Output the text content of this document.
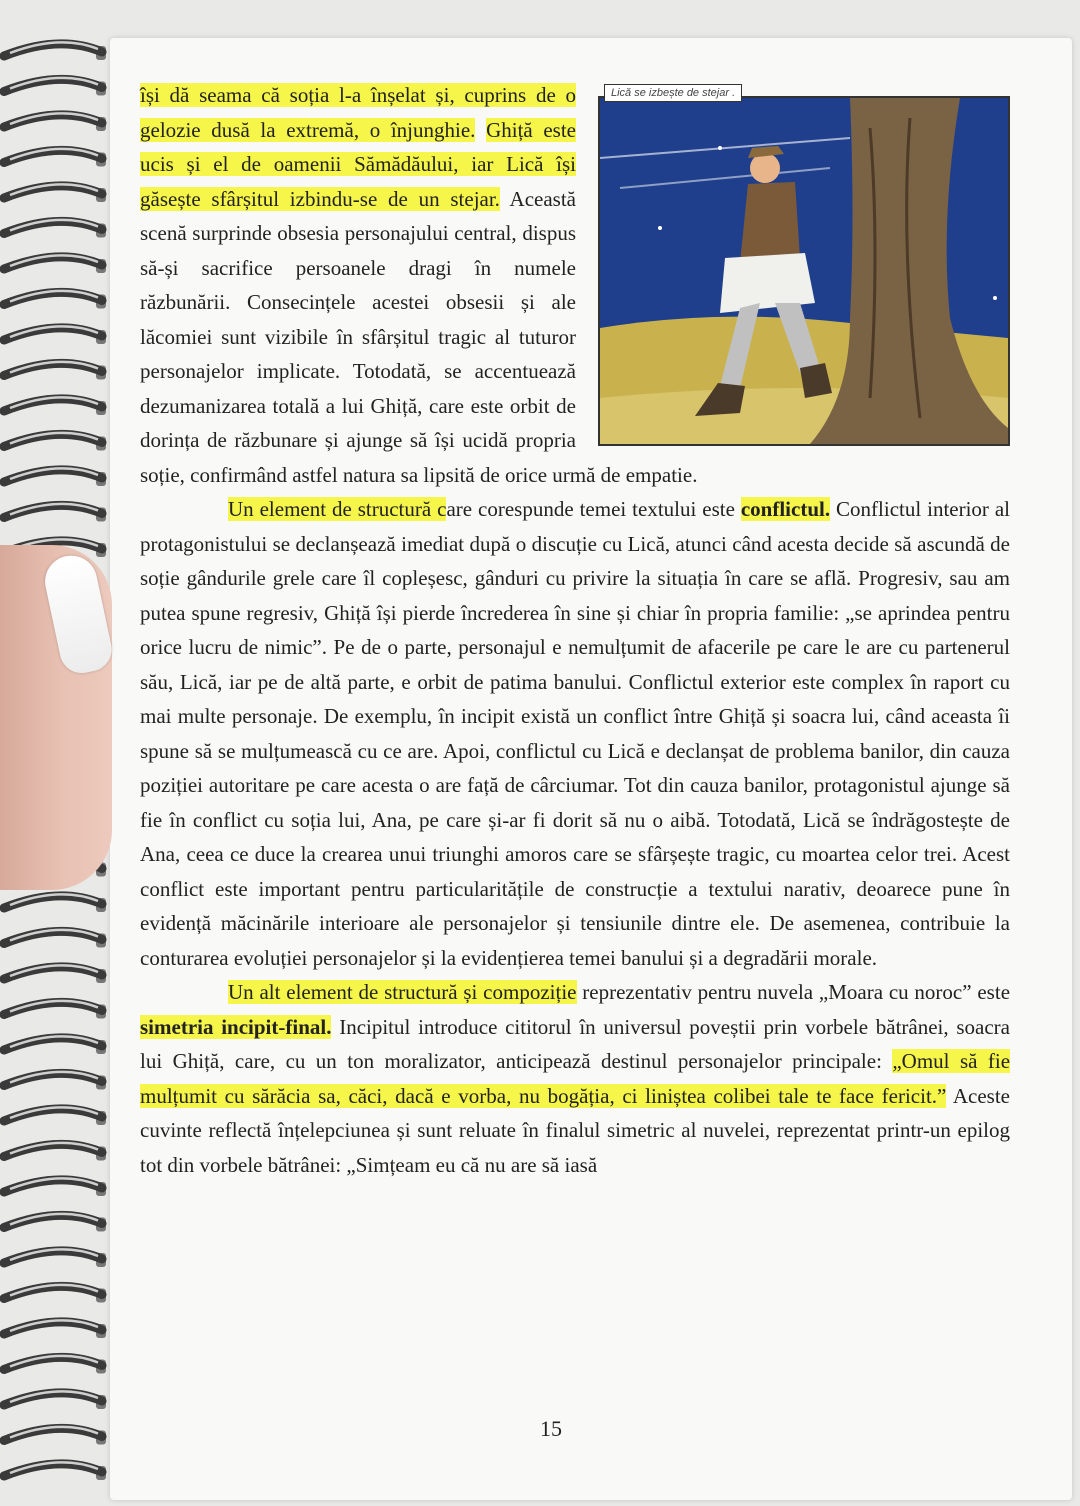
Lică se izbește de stejar .

își dă seama că soția l-a înșelat și, cuprins de o gelozie dusă la extremă, o înjunghie. Ghiță este ucis și el de oamenii Sămădăului, iar Lică își găsește sfârșitul izbindu-se de un stejar. Această scenă surprinde obsesia personajului central, dispus să-și sacrifice persoanele dragi în numele răzbunării. Consecințele acestei obsesii și ale lăcomiei sunt vizibile în sfârșitul tragic al tuturor personajelor implicate. Totodată, se accentuează dezumanizarea totală a lui Ghiță, care este orbit de dorința de răzbunare și ajunge să își ucidă propria soție, confirmând astfel natura sa lipsită de orice urmă de empatie.

Un element de structură care corespunde temei textului este conflictul. Conflictul interior al protagonistului se declanșează imediat după o discuție cu Lică, atunci când acesta decide să ascundă de soție gândurile grele care îl copleșesc, gânduri cu privire la situația în care se află. Progresiv, sau am putea spune regresiv, Ghiță își pierde încrederea în sine și chiar în propria familie: „se aprindea pentru orice lucru de nimic”. Pe de o parte, personajul e nemulțumit de afacerile pe care le are cu partenerul său, Lică, iar pe de altă parte, e orbit de patima banului. Conflictul exterior este complex în raport cu mai multe personaje. De exemplu, în incipit există un conflict între Ghiță și soacra lui, când aceasta îi spune să se mulțumească cu ce are. Apoi, conflictul cu Lică e declanșat de problema banilor, din cauza poziției autoritare pe care acesta o are față de cârciumar. Tot din cauza banilor, protagonistul ajunge să fie în conflict cu soția lui, Ana, pe care și-ar fi dorit să nu o aibă. Totodată, Lică se îndrăgostește de Ana, ceea ce duce la crearea unui triunghi amoros care se sfârșește tragic, cu moartea celor trei. Acest conflict este important pentru particularitățile de construcție a textului narativ, deoarece pune în evidență măcinările interioare ale personajelor și tensiunile dintre ele. De asemenea, contribuie la conturarea evoluției personajelor și la evidențierea temei banului și a degradării morale.

Un alt element de structură și compoziție reprezentativ pentru nuvela „Moara cu noroc” este simetria incipit-final. Incipitul introduce cititorul în universul poveștii prin vorbele bătrânei, soacra lui Ghiță, care, cu un ton moralizator, anticipează destinul personajelor principale: „Omul să fie mulțumit cu sărăcia sa, căci, dacă e vorba, nu bogăția, ci liniștea colibei tale te face fericit.” Aceste cuvinte reflectă înțelepciunea și sunt reluate în finalul simetric al nuvelei, reprezentat printr-un epilog tot din vorbele bătrânei: „Simțeam eu că nu are să iasă

15
